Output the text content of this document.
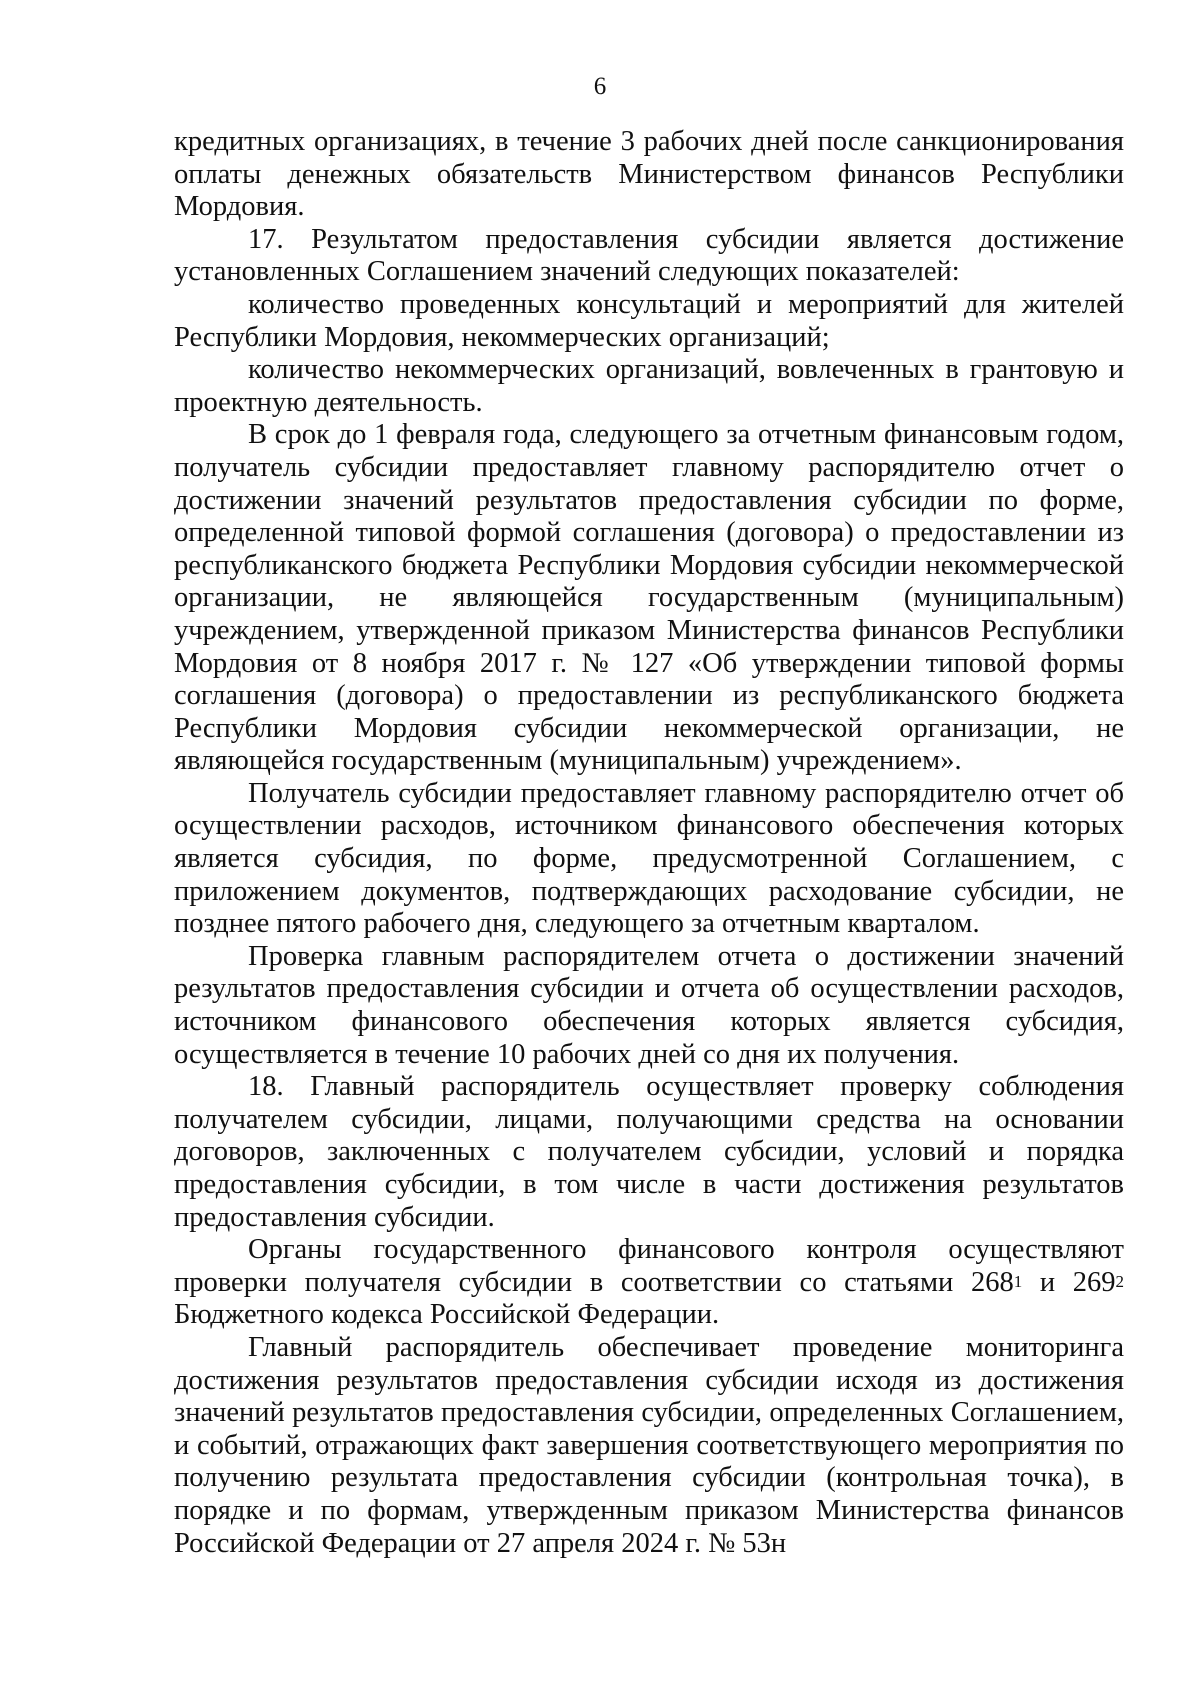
6

кредитных организациях, в течение 3 рабочих дней после санкционирования оплаты денежных обязательств Министерством финансов Республики Мордовия.

17. Результатом предоставления субсидии является достижение установленных Соглашением значений следующих показателей:

количество проведенных консультаций и мероприятий для жителей Республики Мордовия, некоммерческих организаций;

количество некоммерческих организаций, вовлеченных в грантовую и проектную деятельность.

В срок до 1 февраля года, следующего за отчетным финансовым годом, получатель субсидии предоставляет главному распорядителю отчет о достижении значений результатов предоставления субсидии по форме, определенной типовой формой соглашения (договора) о предоставлении из республиканского бюджета Республики Мордовия субсидии некоммерческой организации, не являющейся государственным (муниципальным) учреждением, утвержденной приказом Министерства финансов Республики Мордовия от 8 ноября 2017 г. № 127 «Об утверждении типовой формы соглашения (договора) о предоставлении из республиканского бюджета Республики Мордовия субсидии некоммерческой организации, не являющейся государственным (муниципальным) учреждением».

Получатель субсидии предоставляет главному распорядителю отчет об осуществлении расходов, источником финансового обеспечения которых является субсидия, по форме, предусмотренной Соглашением, с приложением документов, подтверждающих расходование субсидии, не позднее пятого рабочего дня, следующего за отчетным кварталом.

Проверка главным распорядителем отчета о достижении значений результатов предоставления субсидии и отчета об осуществлении расходов, источником финансового обеспечения которых является субсидия, осуществляется в течение 10 рабочих дней со дня их получения.

18. Главный распорядитель осуществляет проверку соблюдения получателем субсидии, лицами, получающими средства на основании договоров, заключенных с получателем субсидии, условий и порядка предоставления субсидии, в том числе в части достижения результатов предоставления субсидии.

Органы государственного финансового контроля осуществляют проверки получателя субсидии в соответствии со статьями $268^1$ и $269^2$ Бюджетного кодекса Российской Федерации.

Главный распорядитель обеспечивает проведение мониторинга достижения результатов предоставления субсидии исходя из достижения значений результатов предоставления субсидии, определенных Соглашением, и событий, отражающих факт завершения соответствующего мероприятия по получению результата предоставления субсидии (контрольная точка), в порядке и по формам, утвержденным приказом Министерства финансов Российской Федерации от 27 апреля 2024 г. № 53н
